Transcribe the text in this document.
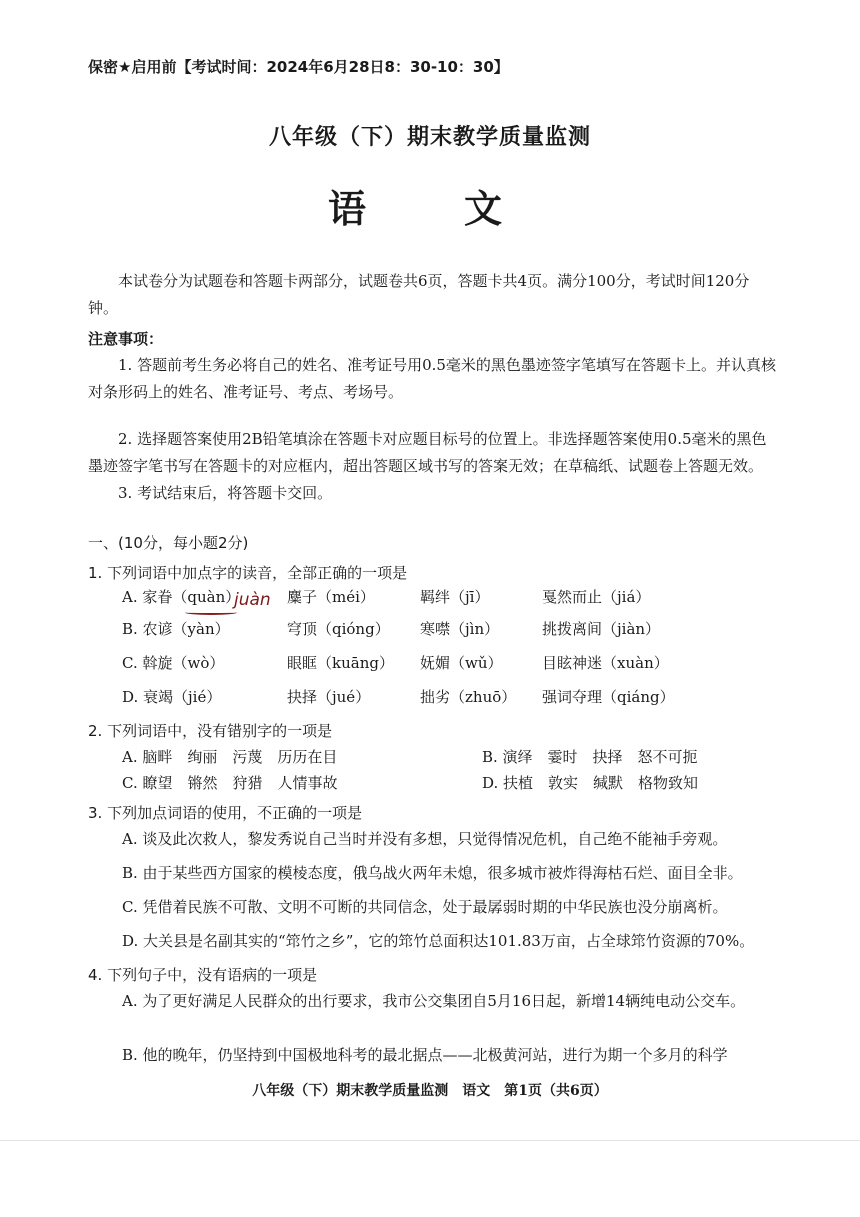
保密★启用前【考试时间：2024年6月28日8：30-10：30】
八年级（下）期末教学质量监测
语　文
本试卷分为试题卷和答题卡两部分，试题卷共6页，答题卡共4页。满分100分，考试时间120分钟。
注意事项：
1. 答题前考生务必将自己的姓名、准考证号用0.5毫米的黑色墨迹签字笔填写在答题卡上。并认真核对条形码上的姓名、准考证号、考点、考场号。
2. 选择题答案使用2B铅笔填涂在答题卡对应题目标号的位置上。非选择题答案使用0.5毫米的黑色墨迹签字笔书写在答题卡的对应框内，超出答题区域书写的答案无效；在草稿纸、试题卷上答题无效。
3. 考试结束后，将答题卡交回。
一、(10分，每小题2分)
1. 下列词语中加点字的读音，全部正确的一项是
juàn
A. 家眷（quàn）	麋子（méi）	羁绊（jī）	戛然而止（jiá）
B. 农谚（yàn）	穹顶（qióng） 寒噤（jìn）	挑拨离间（jiàn）
C. 斡旋（wò）	眼眶（kuāng） 妩媚（wǔ）	目眩神迷（xuàn）
D. 衰竭（jié）	抉择（jué）	拙劣（zhuō） 强词夺理（qiáng）
2. 下列词语中，没有错别字的一项是
A. 脑畔　绚丽　污蔑　历历在目	B. 演绎　霎时　抉择　怒不可扼
C. 瞭望　锵然　狩猎　人情事故	D. 扶植　敦实　缄默　格物致知
3. 下列加点词语的使用，不正确的一项是
A. 谈及此次救人，黎发秀说自己当时并没有多想，只觉得情况危机，自己绝不能袖手旁观。
B. 由于某些西方国家的模棱态度，俄乌战火两年未熄，很多城市被炸得海枯石烂、面目全非。
C. 凭借着民族不可散、文明不可断的共同信念，处于最孱弱时期的中华民族也没分崩离析。
D. 大关县是名副其实的“筇竹之乡”，它的筇竹总面积达101.83万亩，占全球筇竹资源的70%。
4. 下列句子中，没有语病的一项是
A. 为了更好满足人民群众的出行要求，我市公交集团自5月16日起，新增14辆纯电动公交车。
B. 他的晚年，仍坚持到中国极地科考的最北据点——北极黄河站，进行为期一个多月的科学
八年级（下）期末教学质量监测　语文　第1页（共6页）
